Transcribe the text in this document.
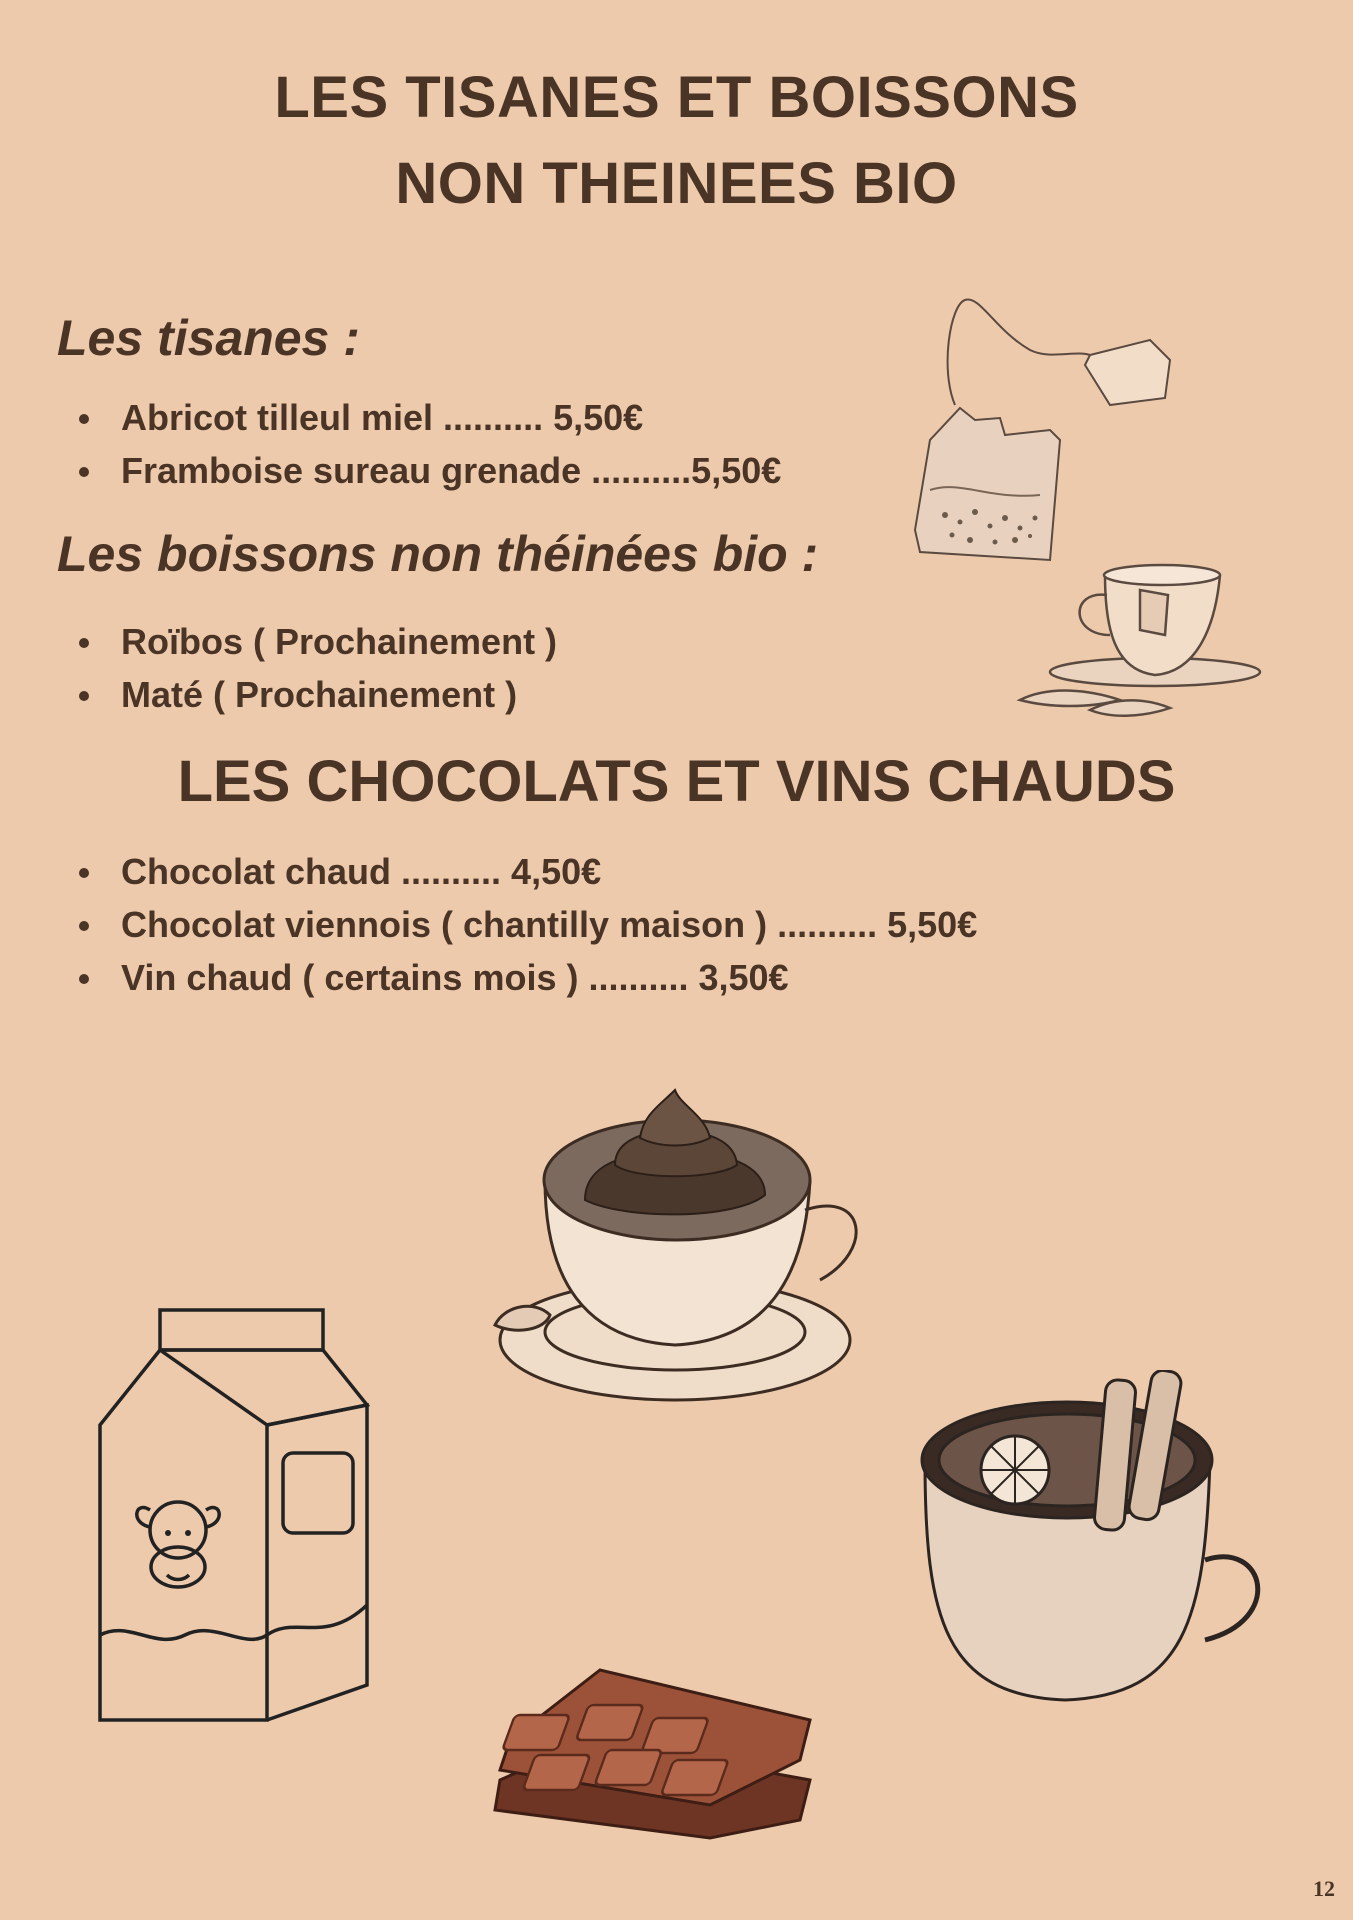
LES TISANES ET BOISSONS
NON THEINEES BIO
Les tisanes :
Abricot tilleul miel .......... 5,50€
Framboise sureau grenade ..........5,50€
Les boissons non théinées bio :
Roïbos ( Prochainement )
Maté ( Prochainement )
LES CHOCOLATS ET VINS CHAUDS
Chocolat chaud .......... 4,50€
Chocolat viennois ( chantilly maison ) .......... 5,50€
Vin chaud ( certains mois ) .......... 3,50€
12
